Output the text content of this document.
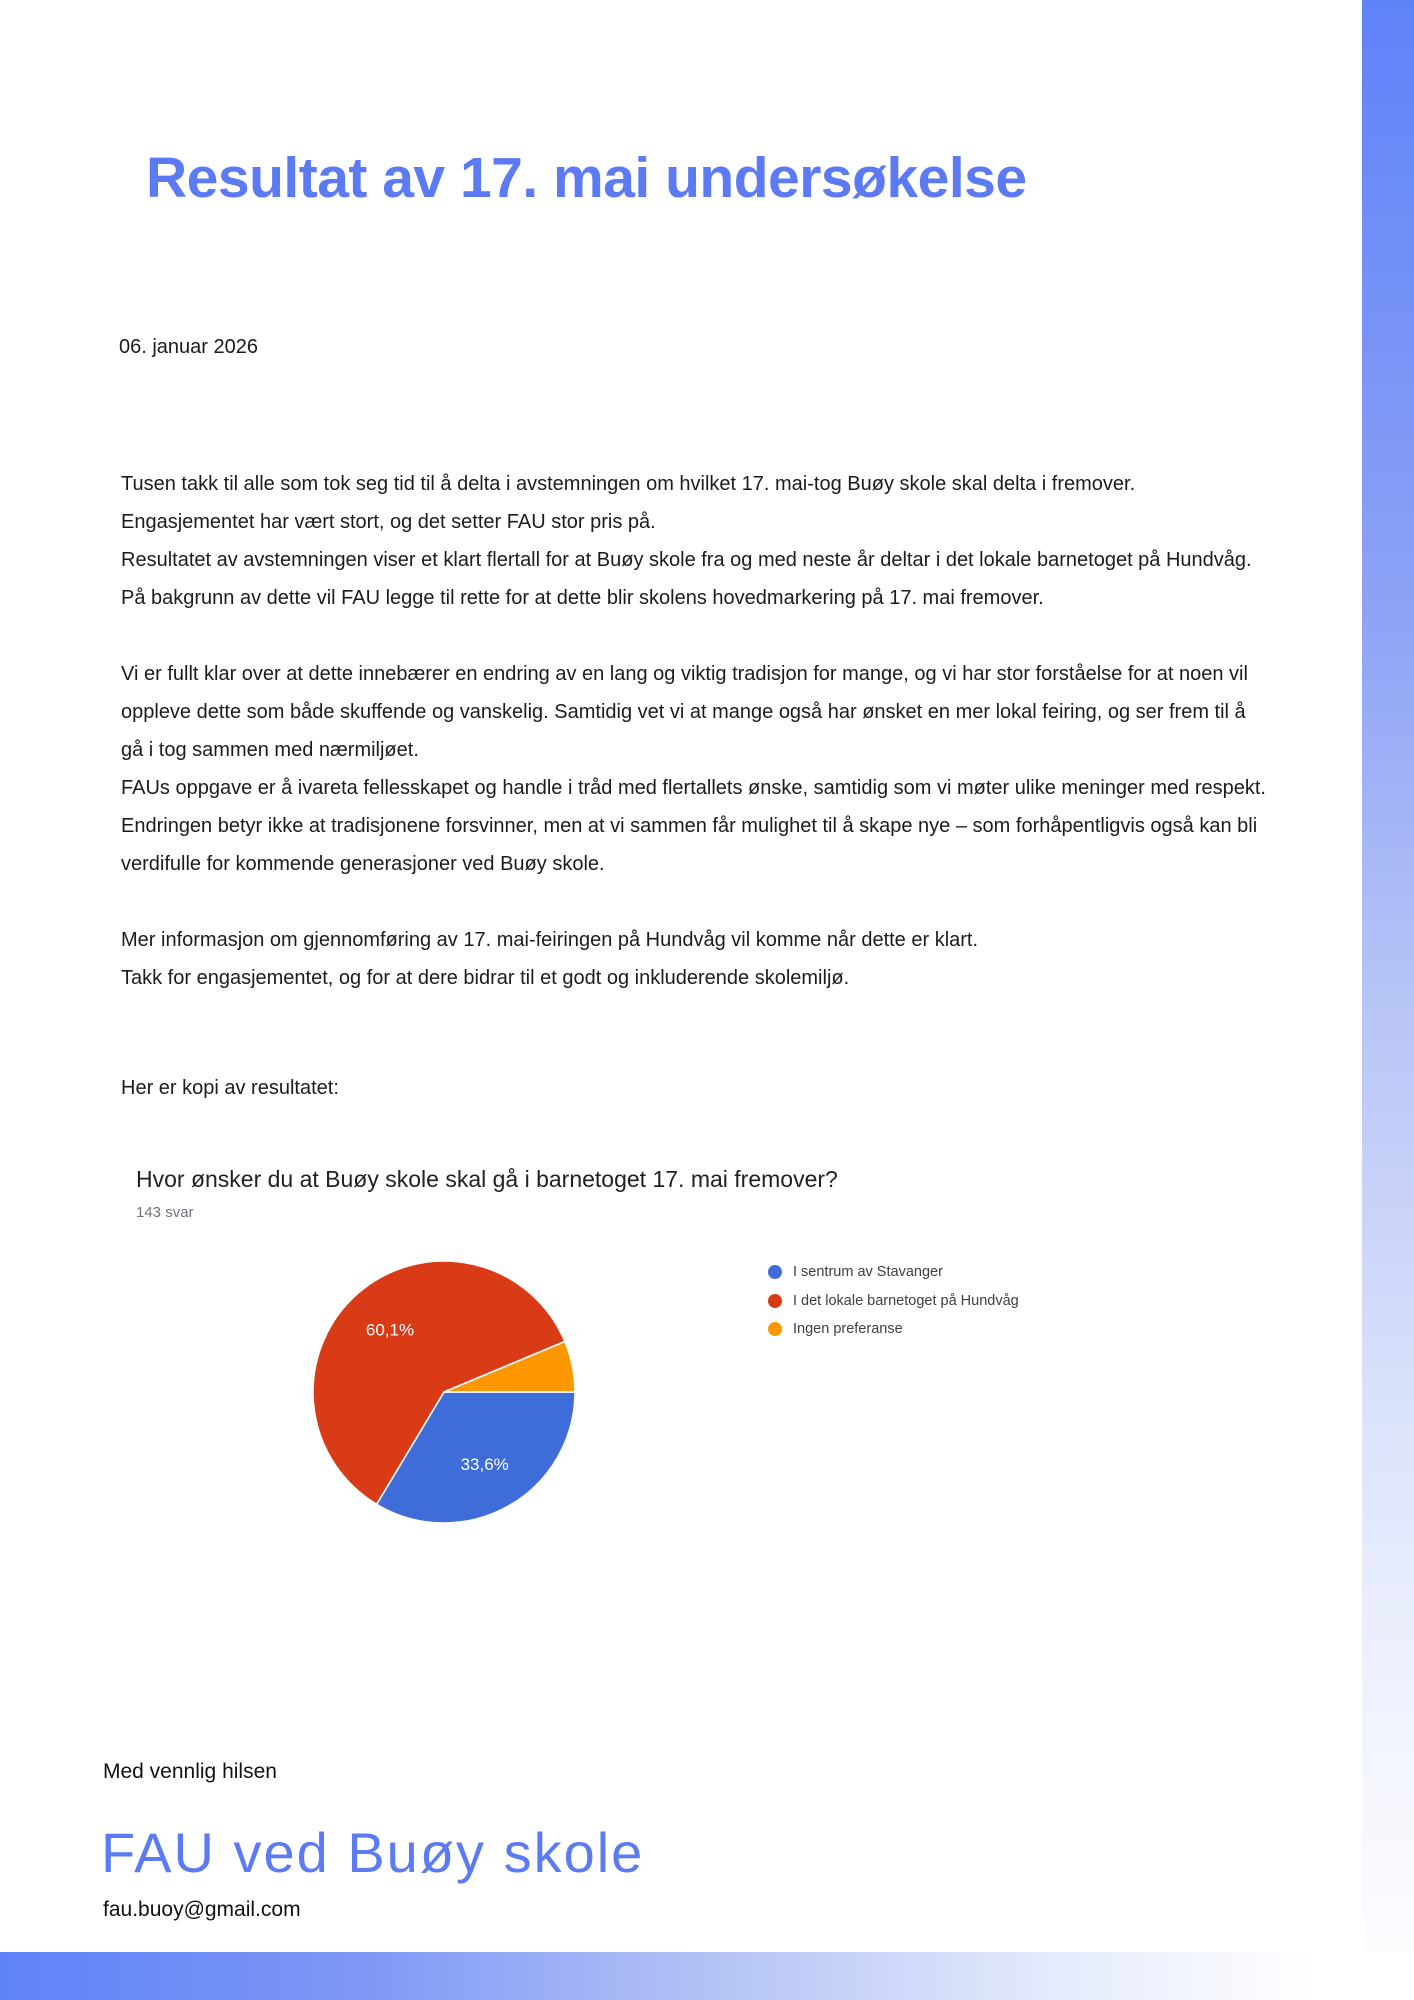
Resultat av 17. mai undersøkelse

06. januar 2026

Tusen takk til alle som tok seg tid til å delta i avstemningen om hvilket 17. mai-tog Buøy skole skal delta i fremover. Engasjementet har vært stort, og det setter FAU stor pris på.
Resultatet av avstemningen viser et klart flertall for at Buøy skole fra og med neste år deltar i det lokale barnetoget på Hundvåg. På bakgrunn av dette vil FAU legge til rette for at dette blir skolens hovedmarkering på 17. mai fremover.

Vi er fullt klar over at dette innebærer en endring av en lang og viktig tradisjon for mange, og vi har stor forståelse for at noen vil oppleve dette som både skuffende og vanskelig. Samtidig vet vi at mange også har ønsket en mer lokal feiring, og ser frem til å gå i tog sammen med nærmiljøet.
FAUs oppgave er å ivareta fellesskapet og handle i tråd med flertallets ønske, samtidig som vi møter ulike meninger med respekt. Endringen betyr ikke at tradisjonene forsvinner, men at vi sammen får mulighet til å skape nye – som forhåpentligvis også kan bli verdifulle for kommende generasjoner ved Buøy skole.

Mer informasjon om gjennomføring av 17. mai-feiringen på Hundvåg vil komme når dette er klart.
Takk for engasjementet, og for at dere bidrar til et godt og inkluderende skolemiljø.

Her er kopi av resultatet:

Hvor ønsker du at Buøy skole skal gå i barnetoget 17. mai fremover?

143 svar

33,6%
60,1%
I sentrum av Stavanger
I det lokale barnetoget på Hundvåg
Ingen preferanse

Med vennlig hilsen

FAU ved Buøy skole

fau.buoy@gmail.com
